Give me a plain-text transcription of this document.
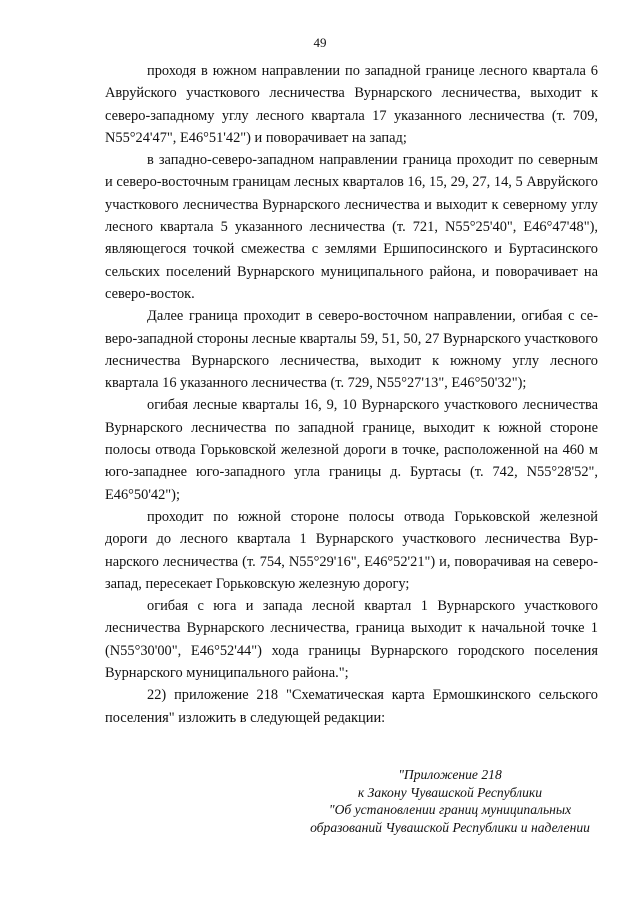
49

проходя в южном направлении по западной границе лесного квартала 6 Авруйского участкового лесничества Вурнарского лесничества, выходит к северо-западному углу лесного квартала 17 указанного лесничества (т. 709, N55°24'47", E46°51'42") и поворачивает на запад;

в западно-северо-западном направлении граница проходит по северным и северо-восточным границам лесных кварталов 16, 15, 29, 27, 14, 5 Авруйского участкового лесничества Вурнарского лесничества и выходит к северному углу лесного квартала 5 указанного лесничества (т. 721, N55°25'40", E46°47'48"), являющегося точкой смежества с землями Ершипосинского и Буртасинского сельских поселений Вурнарского муниципального района, и поворачивает на северо-восток.

Далее граница проходит в северо-восточном направлении, огибая с северо-западной стороны лесные кварталы 59, 51, 50, 27 Вурнарского участкового лесничества Вурнарского лесничества, выходит к южному углу лесного квартала 16 указанного лесничества (т. 729, N55°27'13", E46°50'32");

огибая лесные кварталы 16, 9, 10 Вурнарского участкового лесничества Вурнарского лесничества по западной границе, выходит к южной стороне полосы отвода Горьковской железной дороги в точке, расположенной на 460 м юго-западнее юго-западного угла границы д. Буртасы (т. 742, N55°28'52", E46°50'42");

проходит по южной стороне полосы отвода Горьковской железной дороги до лесного квартала 1 Вурнарского участкового лесничества Вурнарского лесничества (т. 754, N55°29'16", E46°52'21") и, поворачивая на северо-запад, пересекает Горьковскую железную дорогу;

огибая с юга и запада лесной квартал 1 Вурнарского участкового лесничества Вурнарского лесничества, граница выходит к начальной точке 1 (N55°30'00", E46°52'44") хода границы Вурнарского городского поселения Вурнарского муниципального района.";

22) приложение 218 "Схематическая карта Ермошкинского сельского поселения" изложить в следующей редакции:

"Приложение 218
к Закону Чувашской Республики
"Об установлении границ муниципальных
образований Чувашской Республики и наделении
